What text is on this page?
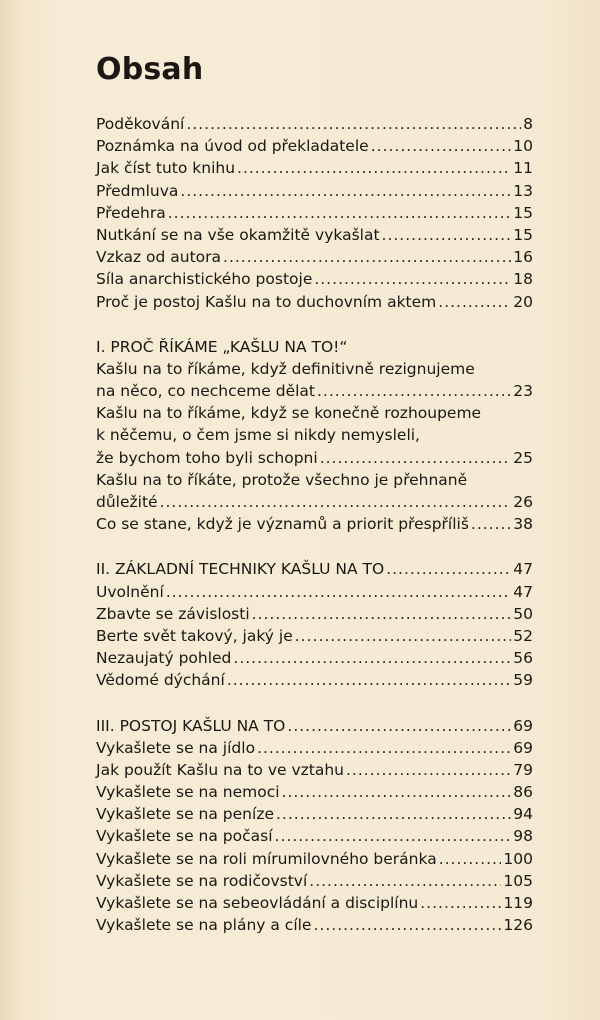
Obsah
Poděkování .....	8
Poznámka na úvod od překladatele .....	10
Jak číst tuto knihu .....	11
Předmluva .....	13
Předehra .....	15
Nutkání se na vše okamžitě vykašlat .....	15
Vzkaz od autora .....	16
Síla anarchistického postoje .....	18
Proč je postoj Kašlu na to duchovním aktem .....	20
I. PROČ ŘÍKÁME „KAŠLU NA TO!“
Kašlu na to říkáme, když definitivně rezignujeme
na něco, co nechceme dělat .....	23
Kašlu na to říkáme, když se konečně rozhoupeme
k něčemu, o čem jsme si nikdy nemysleli,
že bychom toho byli schopni .....	25
Kašlu na to říkáte, protože všechno je přehnaně
důležité .....	26
Co se stane, když je významů a priorit přespříliš .....	38
II. ZÁKLADNÍ TECHNIKY KAŠLU NA TO .....	47
Uvolnění .....	47
Zbavte se závislosti .....	50
Berte svět takový, jaký je .....	52
Nezaujatý pohled .....	56
Vědomé dýchání .....	59
III. POSTOJ KAŠLU NA TO .....	69
Vykašlete se na jídlo .....	69
Jak použít Kašlu na to ve vztahu .....	79
Vykašlete se na nemoci .....	86
Vykašlete se na peníze .....	94
Vykašlete se na počasí .....	98
Vykašlete se na roli mírumilovného beránka .....	100
Vykašlete se na rodičovství .....	105
Vykašlete se na sebeovládání a disciplínu .....	119
Vykašlete se na plány a cíle .....	126
